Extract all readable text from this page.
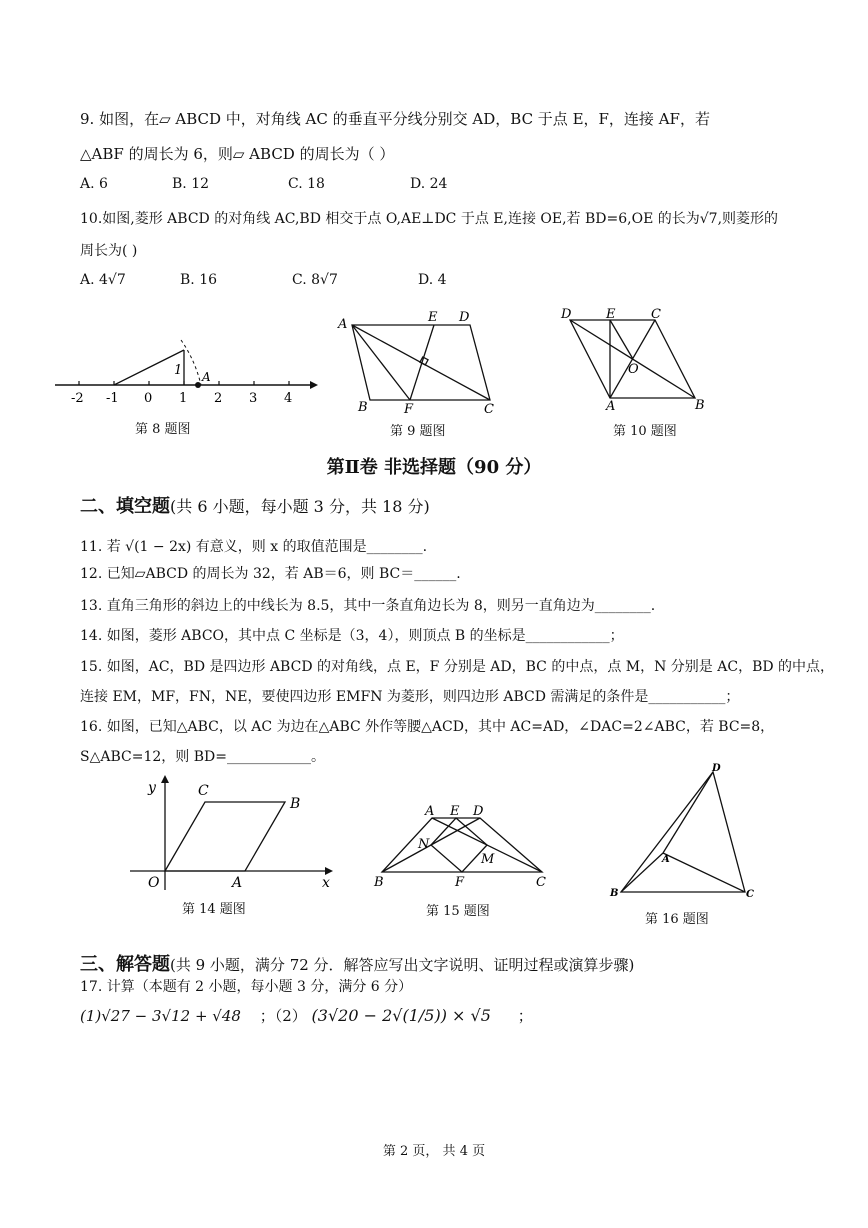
9. 如图，在▱ ABCD 中，对角线 AC 的垂直平分线分别交 AD，BC 于点 E，F，连接 AF，若
△ABF 的周长为 6，则▱ ABCD 的周长为（ ）
A. 6	B. 12	C. 18	D. 24
10.如图,菱形 ABCD 的对角线 AC,BD 相交于点 O,AE⊥DC 于点 E,连接 OE,若 BD=6,OE 的长为√7,则菱形的
周长为( )
A. 4√7	B. 16	C. 8√7	D. 4
1 A
-2 -1 0 1 2 3 4
第 8 题图
A	E D
B	F	C
第 9 题图
D	E	C
O
A	B
第 10 题图
第Ⅱ卷 非选择题（90 分）
二、填空题(共 6 小题，每小题 3 分，共 18 分)
11. 若 √(1 − 2x) 有意义，则 x 的取值范围是________.
12. 已知▱ABCD 的周长为 32，若 AB＝6，则 BC＝______.
13. 直角三角形的斜边上的中线长为 8.5，其中一条直角边长为 8，则另一直角边为________.
14. 如图，菱形 ABCO，其中点 C 坐标是（3，4），则顶点 B 的坐标是____________；
15. 如图，AC，BD 是四边形 ABCD 的对角线，点 E，F 分别是 AD，BC 的中点，点 M，N 分别是 AC，BD 的中点，
连接 EM，MF，FN，NE，要使四边形 EMFN 为菱形，则四边形 ABCD 需满足的条件是___________；
16. 如图，已知△ABC，以 AC 为边在△ABC 外作等腰△ACD，其中 AC=AD，∠DAC=2∠ABC，若 BC=8，
S△ABC=12，则 BD=____________。
y	C
B
O	A	x
第 14 题图
A E D
N
M
B	F	C
第 15 题图
D
A
B	C
第 16 题图
三、解答题(共 9 小题，满分 72 分．解答应写出文字说明、证明过程或演算步骤)
17. 计算（本题有 2 小题，每小题 3 分，满分 6 分）
(1)√27 − 3√12 + √48 ；（2） (3√20 − 2√(1/5)) × √5 ；
第 2 页， 共 4 页
